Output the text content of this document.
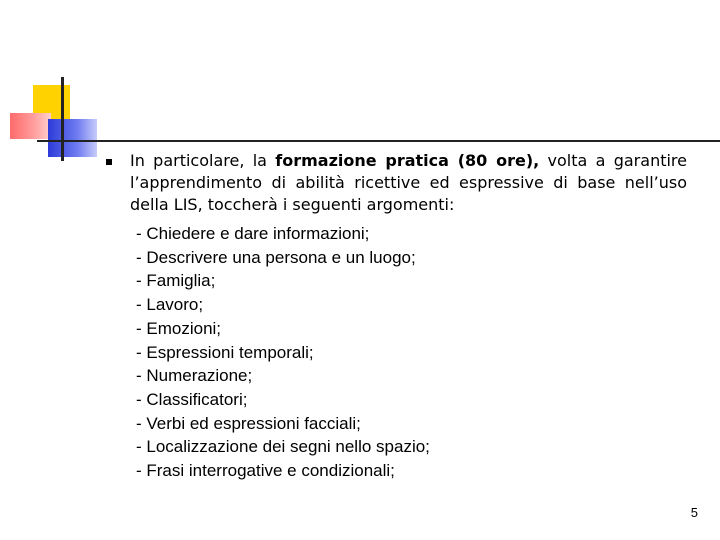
In particolare, la formazione pratica (80 ore), volta a garantire l’apprendimento di abilità ricettive ed espressive di base nell’uso della LIS, toccherà i seguenti argomenti:

- Chiedere e dare informazioni;
- Descrivere una persona e un luogo;
- Famiglia;
- Lavoro;
- Emozioni;
- Espressioni temporali;
- Numerazione;
- Classificatori;
- Verbi ed espressioni facciali;
- Localizzazione dei segni nello spazio;
- Frasi interrogative e condizionali;
5
